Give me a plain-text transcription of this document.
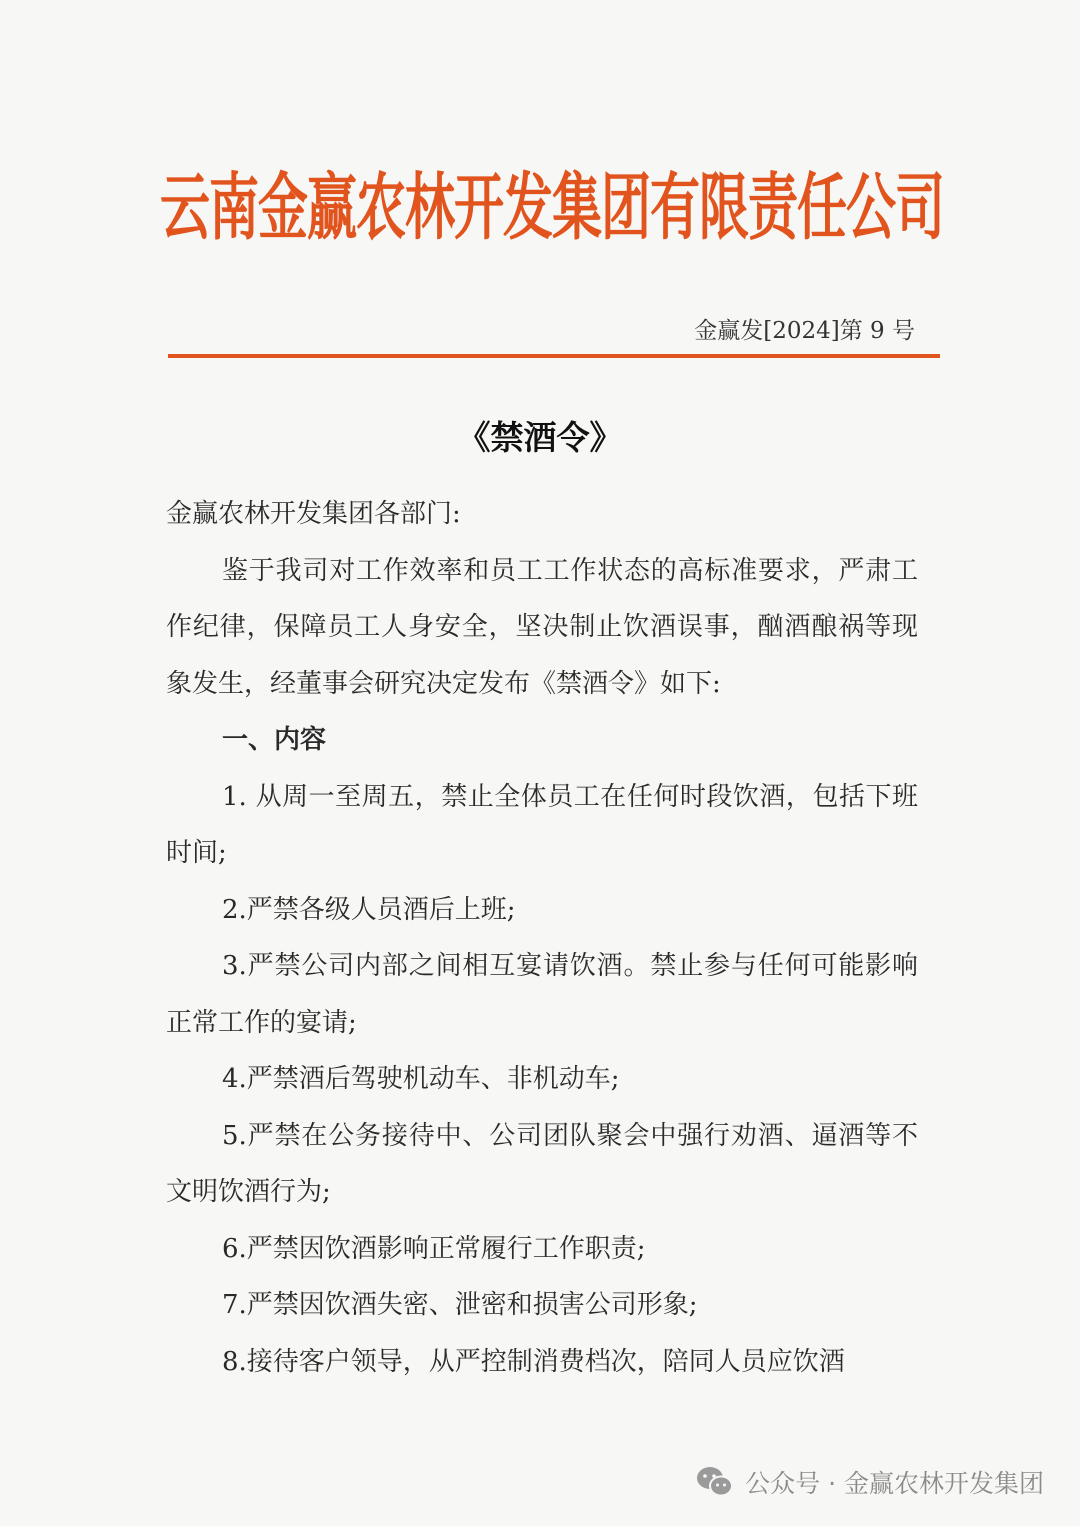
云南金赢农林开发集团有限责任公司
金赢发[2024]第 9 号
《禁酒令》

金赢农林开发集团各部门:

鉴于我司对工作效率和员工工作状态的高标准要求，严肃工作纪律，保障员工人身安全，坚决制止饮酒误事，酗酒酿祸等现象发生，经董事会研究决定发布《禁酒令》如下:

一、内容

1. 从周一至周五，禁止全体员工在任何时段饮酒，包括下班时间;

2.严禁各级人员酒后上班;

3.严禁公司内部之间相互宴请饮酒。禁止参与任何可能影响正常工作的宴请;

4.严禁酒后驾驶机动车、非机动车;

5.严禁在公务接待中、公司团队聚会中强行劝酒、逼酒等不文明饮酒行为;

6.严禁因饮酒影响正常履行工作职责;

7.严禁因饮酒失密、泄密和损害公司形象;

8.接待客户领导，从严控制消费档次，陪同人员应饮酒

公众号 · 金赢农林开发集团
